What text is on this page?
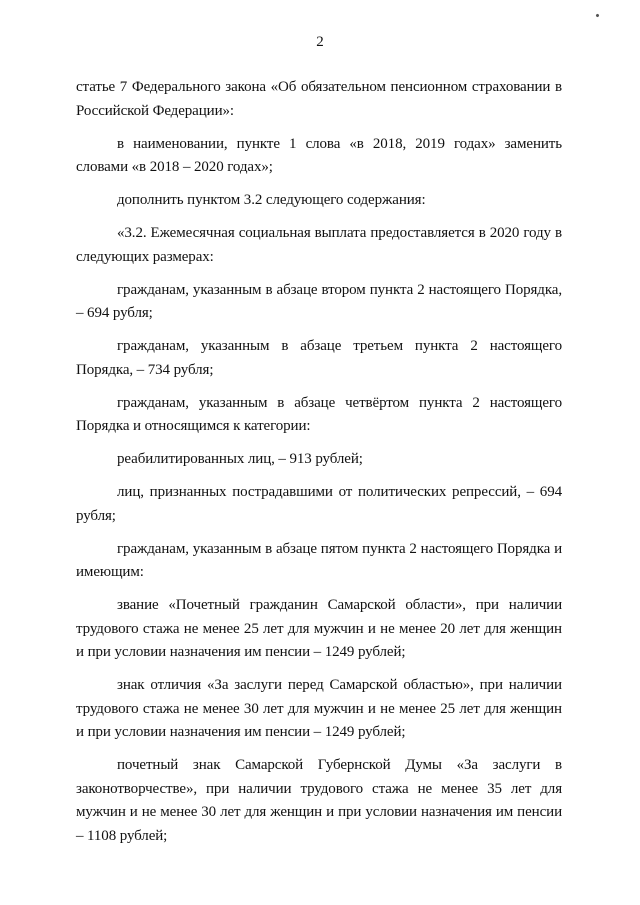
2

статье 7 Федерального закона «Об обязательном пенсионном страховании в Российской Федерации»:

в наименовании, пункте 1 слова «в 2018, 2019 годах» заменить словами «в 2018 – 2020 годах»;

дополнить пунктом 3.2 следующего содержания:

«3.2. Ежемесячная социальная выплата предоставляется в 2020 году в следующих размерах:

гражданам, указанным в абзаце втором пункта 2 настоящего Порядка, – 694 рубля;

гражданам, указанным в абзаце третьем пункта 2 настоящего Порядка, – 734 рубля;

гражданам, указанным в абзаце четвёртом пункта 2 настоящего Порядка и относящимся к категории:

реабилитированных лиц, – 913 рублей;

лиц, признанных пострадавшими от политических репрессий, – 694 рубля;

гражданам, указанным в абзаце пятом пункта 2 настоящего Порядка и имеющим:

звание «Почетный гражданин Самарской области», при наличии трудового стажа не менее 25 лет для мужчин и не менее 20 лет для женщин и при условии назначения им пенсии – 1249 рублей;

знак отличия «За заслуги перед Самарской областью», при наличии трудового стажа не менее 30 лет для мужчин и не менее 25 лет для женщин и при условии назначения им пенсии – 1249 рублей;

почетный знак Самарской Губернской Думы «За заслуги в законотворчестве», при наличии трудового стажа не менее 35 лет для мужчин и не менее 30 лет для женщин и при условии назначения им пенсии – 1108 рублей;
